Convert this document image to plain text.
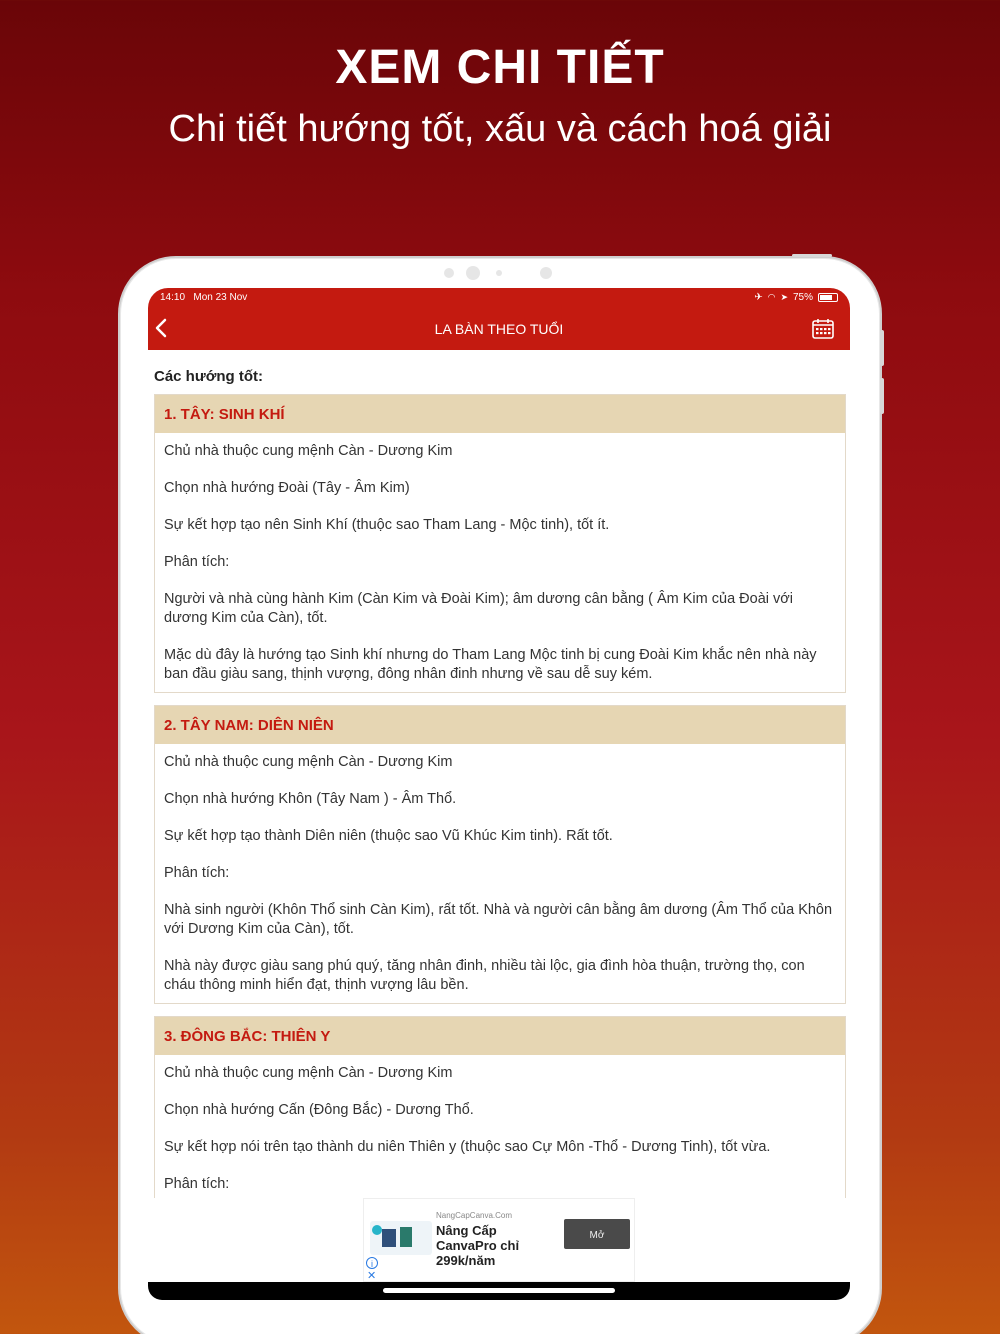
XEM CHI TIẾT
Chi tiết hướng tốt, xấu và cách hoá giải
14:10 Mon 23 Nov	✈ ◠ ➤ 75%
LA BÀN THEO TUỔI
Các hướng tốt:
1. TÂY: SINH KHÍ
Chủ nhà thuộc cung mệnh Càn - Dương Kim
Chọn nhà hướng Đoài (Tây - Âm Kim)
Sự kết hợp tạo nên Sinh Khí (thuộc sao Tham Lang - Mộc tinh), tốt ít.
Phân tích:
Người và nhà cùng hành Kim (Càn Kim và Đoài Kim); âm dương cân bằng ( Âm Kim của Đoài với dương Kim của Càn), tốt.
Mặc dù đây là hướng tạo Sinh khí nhưng do Tham Lang Mộc tinh bị cung Đoài Kim khắc nên nhà này ban đầu giàu sang, thịnh vượng, đông nhân đinh nhưng về sau dễ suy kém.
2. TÂY NAM: DIÊN NIÊN
Chủ nhà thuộc cung mệnh Càn - Dương Kim
Chọn nhà hướng Khôn (Tây Nam ) - Âm Thổ.
Sự kết hợp tạo thành Diên niên (thuộc sao Vũ Khúc Kim tinh). Rất tốt.
Phân tích:
Nhà sinh người (Khôn Thổ sinh Càn Kim), rất tốt. Nhà và người cân bằng âm dương (Âm Thổ của Khôn với Dương Kim của Càn), tốt.
Nhà này được giàu sang phú quý, tăng nhân đinh, nhiều tài lộc, gia đình hòa thuận, trường thọ, con cháu thông minh hiển đạt, thịnh vượng lâu bền.
3. ĐÔNG BẮC: THIÊN Y
Chủ nhà thuộc cung mệnh Càn - Dương Kim
Chọn nhà hướng Cấn (Đông Bắc) - Dương Thổ.
Sự kết hợp nói trên tạo thành du niên Thiên y (thuộc sao Cự Môn -Thổ - Dương Tinh), tốt vừa.
Phân tích:
NangCapCanva.Com
Nâng Cấp CanvaPro chỉ 299k/năm
Mở
i
✕
